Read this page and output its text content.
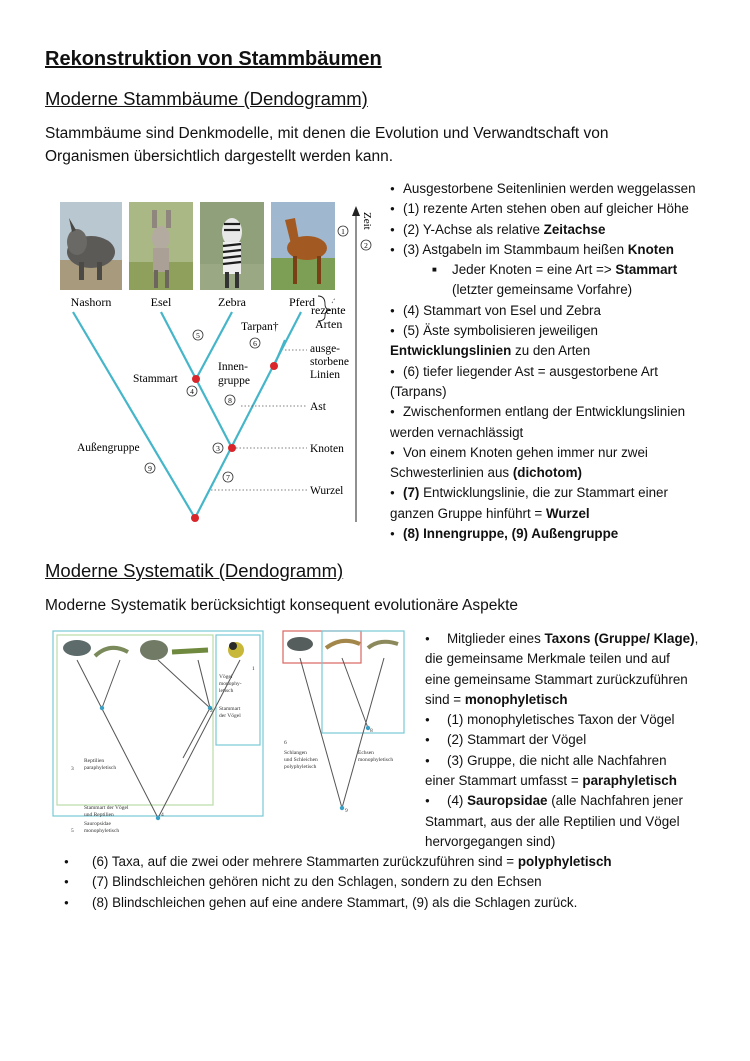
Rekonstruktion von Stammbäumen
Moderne Stammbäume (Dendogramm)
Stammbäume sind Denkmodelle, mit denen die Evolution und Verwandtschaft von
Organismen übersichtlich dargestellt werden kann.
Nashorn	Esel	Zebra	Pferd
rezente
Arten
Tarpan†
ausge-
storbene
Linien
Stammart
Innen-
gruppe
Ast
Außengruppe	Knoten
Wurzel
5
4
8
6
3
7
9
1
2
Zeit
● Ausgestorbene Seitenlinien werden weggelassen
● (1) rezente Arten stehen oben auf gleicher Höhe
● (2) Y-Achse als relative Zeitachse
● (3) Astgabeln im Stammbaum heißen Knoten
■ Jeder Knoten = eine Art => Stammart
(letzter gemeinsame Vorfahre)
● (4) Stammart von Esel und Zebra
● (5) Äste symbolisieren jeweiligen
Entwicklungslinien zu den Arten
● (6) tiefer liegender Ast = ausgestorbene Art
(Tarpans)
● Zwischenformen entlang der Entwicklungslinien
werden vernachlässigt
● Von einem Knoten gehen immer nur zwei
Schwesterlinien aus (dichotom)
● (7) Entwicklungslinie, die zur Stammart einer
ganzen Gruppe hinführt = Wurzel
● (8) Innengruppe, (9) Außengruppe
Moderne Systematik (Dendogramm)
Moderne Systematik berücksichtigt konsequent evolutionäre Aspekte
Vögel
monophy-
letisch
Stammart
der Vögel
Reptilien
paraphyletisch
Stammart der Vögel
und Reptilien
Sauropsidae
monophyletisch
3
5
2
1
4
Schlangen
und Schleichen
polyphyletisch
Echsen
monophyletisch
6
8
9
● Mitglieder eines Taxons (Gruppe/ Klage),
die gemeinsame Merkmale teilen und auf
eine gemeinsame Stammart zurückzuführen
sind = monophyletisch
● (1) monophyletisches Taxon der Vögel
● (2) Stammart der Vögel
● (3) Gruppe, die nicht alle Nachfahren
einer Stammart umfasst = paraphyletisch
● (4) Sauropsidae (alle Nachfahren jener
Stammart, aus der alle Reptilien und Vögel
hervorgegangen sind)
● (6) Taxa, auf die zwei oder mehrere Stammarten zurückzuführen sind = polyphyletisch
● (7) Blindschleichen gehören nicht zu den Schlagen, sondern zu den Echsen
● (8) Blindschleichen gehen auf eine andere Stammart, (9) als die Schlagen zurück.
